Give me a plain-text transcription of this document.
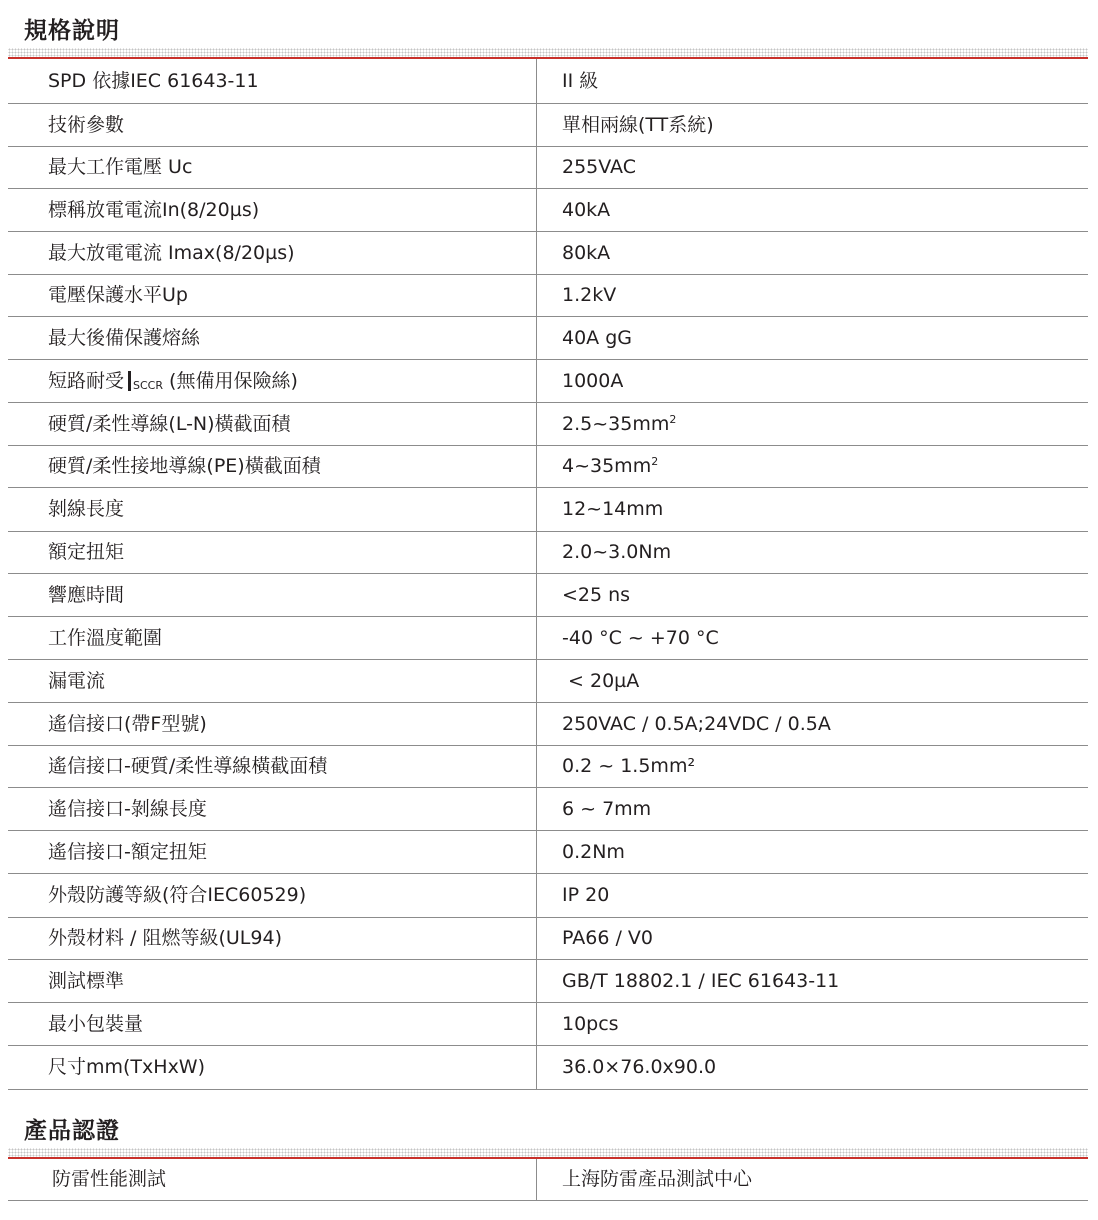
規格說明
SPD 依據IEC 61643-11	II 級
技術參數	單相兩線(TT系統)
最大工作電壓 Uc	255VAC
標稱放電電流In(8/20µs)	40kA
最大放電電流 Imax(8/20µs)	80kA
電壓保護水平Up	1.2kV
最大後備保護熔絲	40A gG
短路耐受 SCCR (無備用保險絲)	1000A
硬質/柔性導線(L-N)橫截面積	$2.5\sim 35mm^2$
硬質/柔性接地導線(PE)橫截面積	$4\sim 35mm^2$
剝線長度	12~14mm
額定扭矩	2.0~3.0Nm
響應時間	<25 ns
工作溫度範圍	-40 °C ~ +70 °C
漏電流	< 20µA
遙信接口(帶F型號)	250VAC / 0.5A;24VDC / 0.5A
遙信接口-硬質/柔性導線橫截面積	0.2 ~ 1.5mm²
遙信接口-剝線長度	6 ~ 7mm
遙信接口-額定扭矩	0.2Nm
外殼防護等級(符合IEC60529)	IP 20
外殼材料 / 阻燃等級(UL94)	PA66 / V0
測試標準	GB/T 18802.1 / IEC 61643-11
最小包裝量	10pcs
尺寸mm(TxHxW)	36.0×76.0x90.0
產品認證
防雷性能測試	上海防雷產品測試中心
